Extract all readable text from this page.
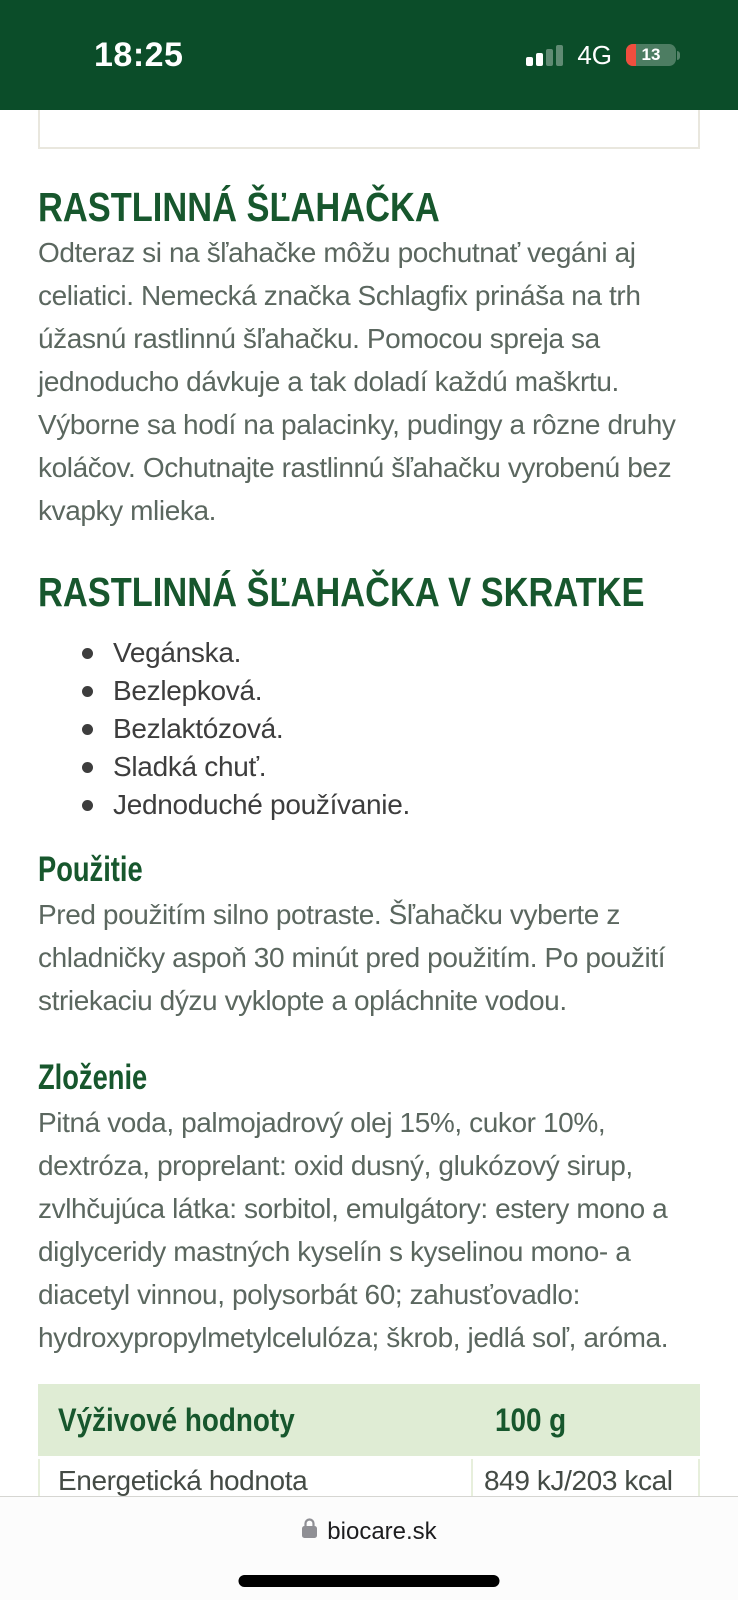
18:25	4G	13
RASTLINNÁ ŠĽAHAČKA

Odteraz si na šľahačke môžu pochutnať vegáni aj celiatici. Nemecká značka Schlagfix prináša na trh úžasnú rastlinnú šľahačku. Pomocou spreja sa jednoducho dávkuje a tak doladí každú maškrtu. Výborne sa hodí na palacinky, pudingy a rôzne druhy koláčov. Ochutnajte rastlinnú šľahačku vyrobenú bez kvapky mlieka.

RASTLINNÁ ŠĽAHAČKA V SKRATKE
Vegánska.
Bezlepková.
Bezlaktózová.
Sladká chuť.
Jednoduché používanie.
Použitie

Pred použitím silno potraste. Šľahačku vyberte z chladničky aspoň 30 minút pred použitím. Po použití striekaciu dýzu vyklopte a opláchnite vodou.

Zloženie

Pitná voda, palmojadrový olej 15%, cukor 10%, dextróza, proprelant: oxid dusný, glukózový sirup, zvlhčujúca látka: sorbitol, emulgátory: estery mono a diglyceridy mastných kyselín s kyselinou mono- a diacetyl vinnou, polysorbát 60; zahusťovadlo: hydroxypropylmetylcelulóza; škrob, jedlá soľ, aróma.

Výživové hodnoty	100 g
Energetická hodnota	849 kJ/203 kcal
biocare.sk
